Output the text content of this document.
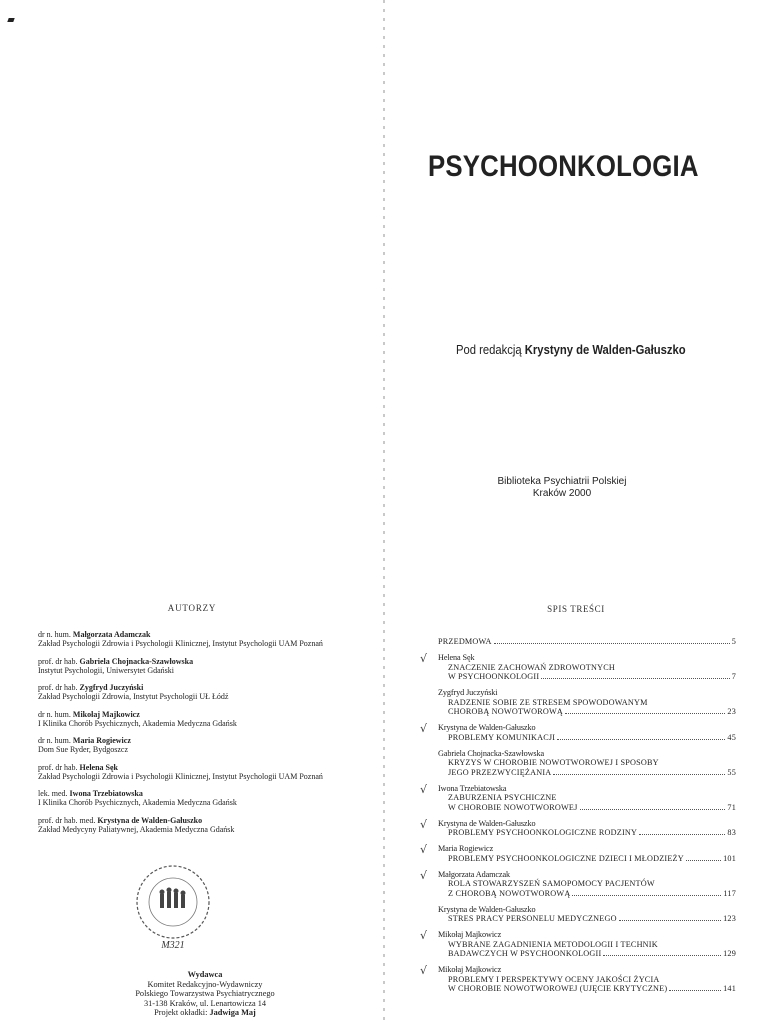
PSYCHOONKOLOGIA
Pod redakcją Krystyny de Walden-Gałuszko
Biblioteka Psychiatrii Polskiej
Kraków 2000
AUTORZY
dr n. hum. Małgorzata Adamczak
Zakład Psychologii Zdrowia i Psychologii Klinicznej, Instytut Psychologii UAM Poznań
prof. dr hab. Gabriela Chojnacka-Szawłowska
Instytut Psychologii, Uniwersytet Gdański
prof. dr hab. Zygfryd Juczyński
Zakład Psychologii Zdrowia, Instytut Psychologii UŁ Łódź
dr n. hum. Mikołaj Majkowicz
I Klinika Chorób Psychicznych, Akademia Medyczna Gdańsk
dr n. hum. Maria Rogiewicz
Dom Sue Ryder, Bydgoszcz
prof. dr hab. Helena Sęk
Zakład Psychologii Zdrowia i Psychologii Klinicznej, Instytut Psychologii UAM Poznań
lek. med. Iwona Trzebiatowska
I Klinika Chorób Psychicznych, Akademia Medyczna Gdańsk
prof. dr hab. med. Krystyna de Walden-Gałuszko
Zakład Medycyny Paliatywnej, Akademia Medyczna Gdańsk
M321
Wydawca
Komitet Redakcyjno-Wydawniczy
Polskiego Towarzystwa Psychiatrycznego
31-138 Kraków, ul. Lenartowicza 14
Projekt okładki: Jadwiga Maj
SPIS TREŚCI
PRZEDMOWA	5
√	Helena Sęk
ZNACZENIE ZACHOWAŃ ZDROWOTNYCH
W PSYCHOONKOLOGII	7
Zygfryd Juczyński
RADZENIE SOBIE ZE STRESEM SPOWODOWANYM
CHOROBĄ NOWOTWOROWĄ	23
√	Krystyna de Walden-Gałuszko
PROBLEMY KOMUNIKACJI	45
Gabriela Chojnacka-Szawłowska
KRYZYS W CHOROBIE NOWOTWOROWEJ I SPOSOBY
JEGO PRZEZWYCIĘŻANIA	55
√	Iwona Trzebiatowska
ZABURZENIA PSYCHICZNE
W CHOROBIE NOWOTWOROWEJ	71
√	Krystyna de Walden-Gałuszko
PROBLEMY PSYCHOONKOLOGICZNE RODZINY	83
√	Maria Rogiewicz
PROBLEMY PSYCHOONKOLOGICZNE DZIECI I MŁODZIEŻY	101
√	Małgorzata Adamczak
ROLA STOWARZYSZEŃ SAMOPOMOCY PACJENTÓW
Z CHOROBĄ NOWOTWOROWĄ	117
Krystyna de Walden-Gałuszko
STRES PRACY PERSONELU MEDYCZNEGO	123
√	Mikołaj Majkowicz
WYBRANE ZAGADNIENIA METODOLOGII I TECHNIK
BADAWCZYCH W PSYCHOONKOLOGII	129
√	Mikołaj Majkowicz
PROBLEMY I PERSPEKTYWY OCENY JAKOŚCI ŻYCIA
W CHOROBIE NOWOTWOROWEJ (UJĘCIE KRYTYCZNE)	141
